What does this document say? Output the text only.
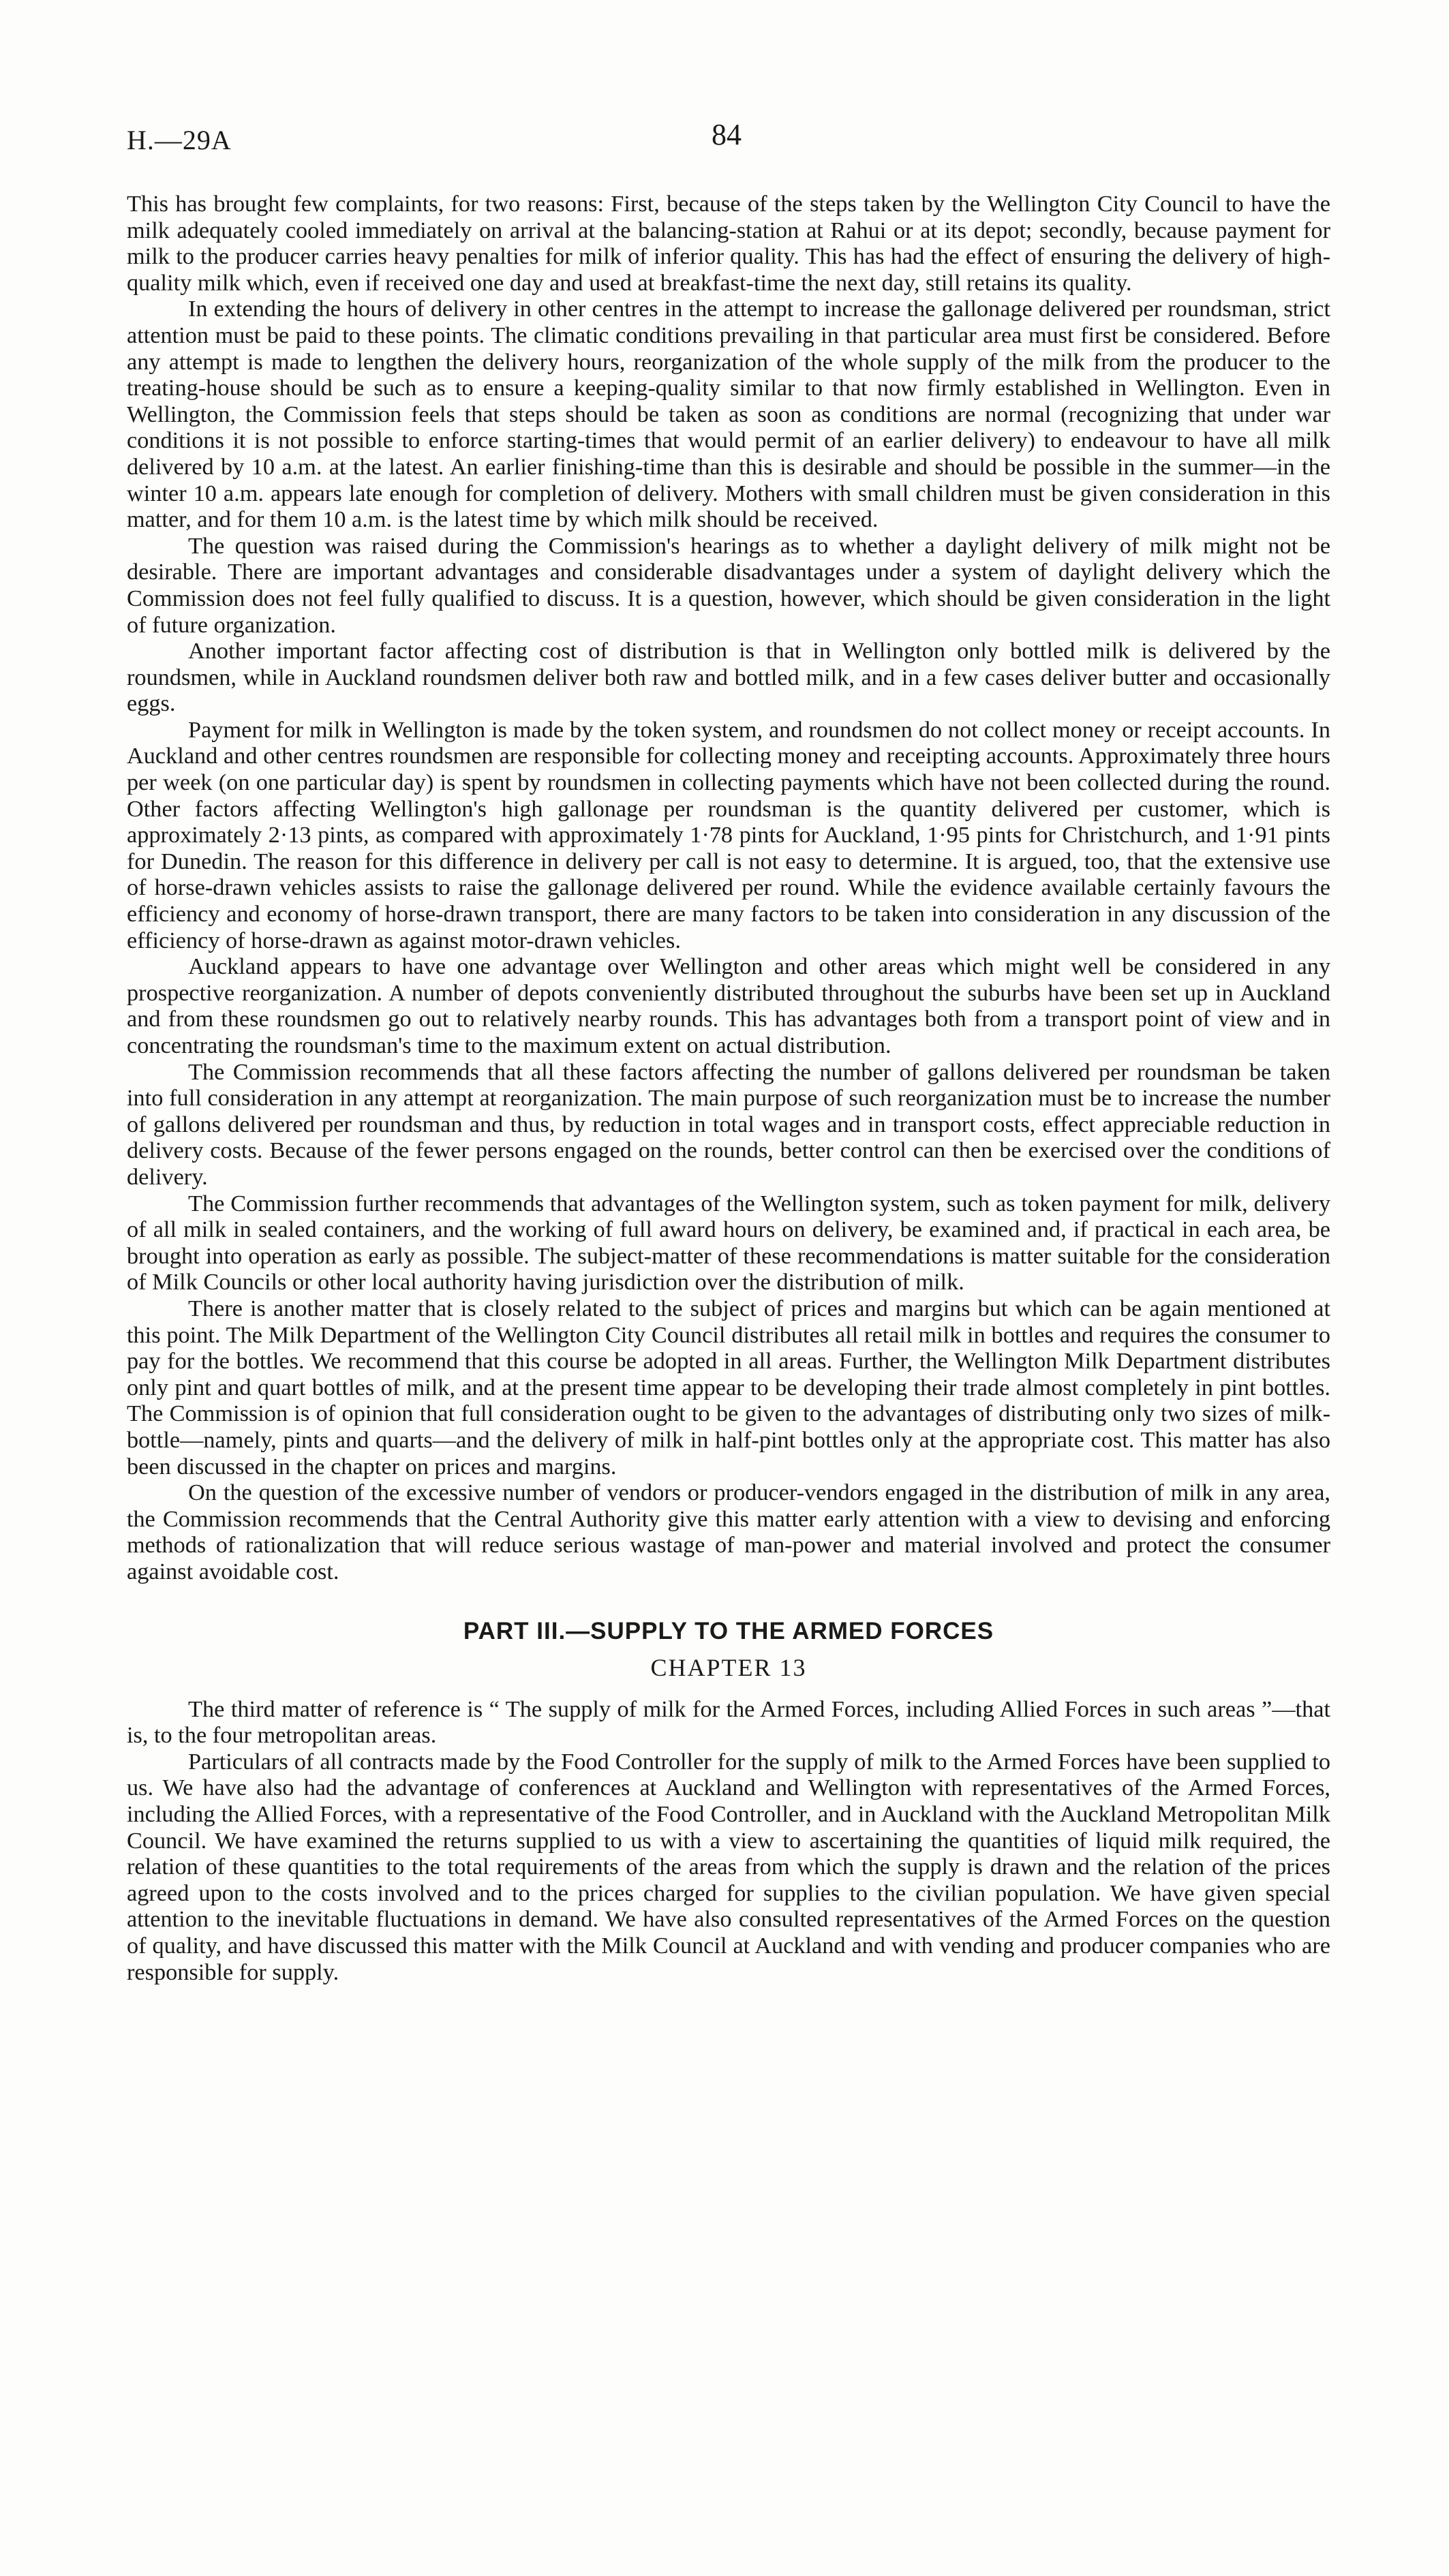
H.—29A	84

This has brought few complaints, for two reasons: First, because of the steps taken by the Wellington City Council to have the milk adequately cooled immediately on arrival at the balancing-station at Rahui or at its depot; secondly, because payment for milk to the producer carries heavy penalties for milk of inferior quality. This has had the effect of ensuring the delivery of high-quality milk which, even if received one day and used at breakfast-time the next day, still retains its quality.

In extending the hours of delivery in other centres in the attempt to increase the gallonage delivered per roundsman, strict attention must be paid to these points. The climatic conditions prevailing in that particular area must first be considered. Before any attempt is made to lengthen the delivery hours, reorganization of the whole supply of the milk from the producer to the treating-house should be such as to ensure a keeping-quality similar to that now firmly established in Wellington. Even in Wellington, the Commission feels that steps should be taken as soon as conditions are normal (recognizing that under war conditions it is not possible to enforce starting-times that would permit of an earlier delivery) to endeavour to have all milk delivered by 10 a.m. at the latest. An earlier finishing-time than this is desirable and should be possible in the summer—in the winter 10 a.m. appears late enough for completion of delivery. Mothers with small children must be given consideration in this matter, and for them 10 a.m. is the latest time by which milk should be received.

The question was raised during the Commission's hearings as to whether a daylight delivery of milk might not be desirable. There are important advantages and considerable disadvantages under a system of daylight delivery which the Commission does not feel fully qualified to discuss. It is a question, however, which should be given consideration in the light of future organization.

Another important factor affecting cost of distribution is that in Wellington only bottled milk is delivered by the roundsmen, while in Auckland roundsmen deliver both raw and bottled milk, and in a few cases deliver butter and occasionally eggs.

Payment for milk in Wellington is made by the token system, and roundsmen do not collect money or receipt accounts. In Auckland and other centres roundsmen are responsible for collecting money and receipting accounts. Approximately three hours per week (on one particular day) is spent by roundsmen in collecting payments which have not been collected during the round. Other factors affecting Wellington's high gallonage per roundsman is the quantity delivered per customer, which is approximately 2·13 pints, as compared with approximately 1·78 pints for Auckland, 1·95 pints for Christchurch, and 1·91 pints for Dunedin. The reason for this difference in delivery per call is not easy to determine. It is argued, too, that the extensive use of horse-drawn vehicles assists to raise the gallonage delivered per round. While the evidence available certainly favours the efficiency and economy of horse-drawn transport, there are many factors to be taken into consideration in any discussion of the efficiency of horse-drawn as against motor-drawn vehicles.

Auckland appears to have one advantage over Wellington and other areas which might well be considered in any prospective reorganization. A number of depots conveniently distributed throughout the suburbs have been set up in Auckland and from these roundsmen go out to relatively nearby rounds. This has advantages both from a transport point of view and in concentrating the roundsman's time to the maximum extent on actual distribution.

The Commission recommends that all these factors affecting the number of gallons delivered per roundsman be taken into full consideration in any attempt at reorganization. The main purpose of such reorganization must be to increase the number of gallons delivered per roundsman and thus, by reduction in total wages and in transport costs, effect appreciable reduction in delivery costs. Because of the fewer persons engaged on the rounds, better control can then be exercised over the conditions of delivery.

The Commission further recommends that advantages of the Wellington system, such as token payment for milk, delivery of all milk in sealed containers, and the working of full award hours on delivery, be examined and, if practical in each area, be brought into operation as early as possible. The subject-matter of these recommendations is matter suitable for the consideration of Milk Councils or other local authority having jurisdiction over the distribution of milk.

There is another matter that is closely related to the subject of prices and margins but which can be again mentioned at this point. The Milk Department of the Wellington City Council distributes all retail milk in bottles and requires the consumer to pay for the bottles. We recommend that this course be adopted in all areas. Further, the Wellington Milk Department distributes only pint and quart bottles of milk, and at the present time appear to be developing their trade almost completely in pint bottles. The Commission is of opinion that full consideration ought to be given to the advantages of distributing only two sizes of milk-bottle—namely, pints and quarts—and the delivery of milk in half-pint bottles only at the appropriate cost. This matter has also been discussed in the chapter on prices and margins.

On the question of the excessive number of vendors or producer-vendors engaged in the distribution of milk in any area, the Commission recommends that the Central Authority give this matter early attention with a view to devising and enforcing methods of rationalization that will reduce serious wastage of man-power and material involved and protect the consumer against avoidable cost.

PART III.—SUPPLY TO THE ARMED FORCES
CHAPTER 13

The third matter of reference is “ The supply of milk for the Armed Forces, including Allied Forces in such areas ”—that is, to the four metropolitan areas.

Particulars of all contracts made by the Food Controller for the supply of milk to the Armed Forces have been supplied to us. We have also had the advantage of conferences at Auckland and Wellington with representatives of the Armed Forces, including the Allied Forces, with a representative of the Food Controller, and in Auckland with the Auckland Metropolitan Milk Council. We have examined the returns supplied to us with a view to ascertaining the quantities of liquid milk required, the relation of these quantities to the total requirements of the areas from which the supply is drawn and the relation of the prices agreed upon to the costs involved and to the prices charged for supplies to the civilian population. We have given special attention to the inevitable fluctuations in demand. We have also consulted representatives of the Armed Forces on the question of quality, and have discussed this matter with the Milk Council at Auckland and with vending and producer companies who are responsible for supply.
